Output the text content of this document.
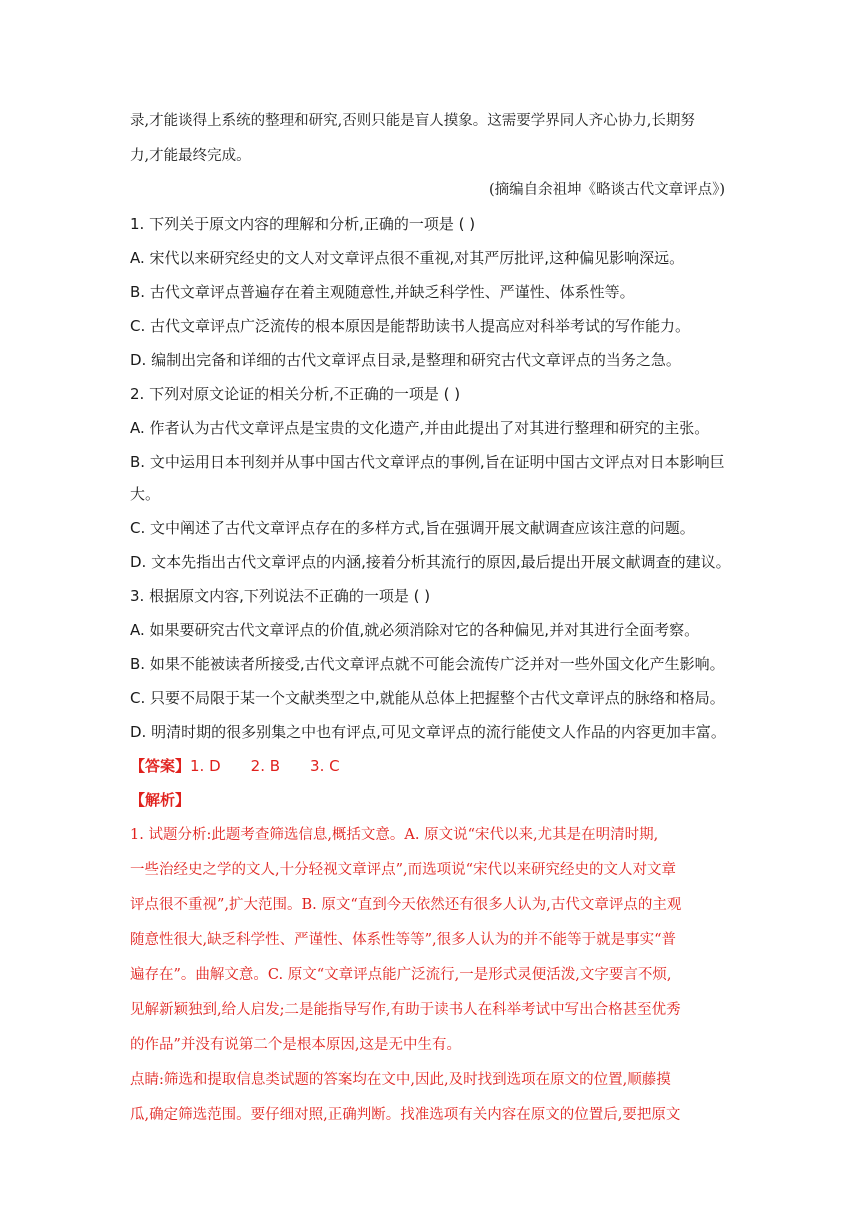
录,才能谈得上系统的整理和研究,否则只能是盲人摸象。这需要学界同人齐心协力,长期努
力,才能最终完成。
(摘编自余祖坤《略谈古代文章评点》)
1. 下列关于原文内容的理解和分析,正确的一项是 ( )
A. 宋代以来研究经史的文人对文章评点很不重视,对其严厉批评,这种偏见影响深远。
B. 古代文章评点普遍存在着主观随意性,并缺乏科学性、严谨性、体系性等。
C. 古代文章评点广泛流传的根本原因是能帮助读书人提高应对科举考试的写作能力。
D. 编制出完备和详细的古代文章评点目录,是整理和研究古代文章评点的当务之急。
2. 下列对原文论证的相关分析,不正确的一项是 ( )
A. 作者认为古代文章评点是宝贵的文化遗产,并由此提出了对其进行整理和研究的主张。
B. 文中运用日本刊刻并从事中国古代文章评点的事例,旨在证明中国古文评点对日本影响巨
大。
C. 文中阐述了古代文章评点存在的多样方式,旨在强调开展文献调查应该注意的问题。
D. 文本先指出古代文章评点的内涵,接着分析其流行的原因,最后提出开展文献调查的建议。
3. 根据原文内容,下列说法不正确的一项是 ( )
A. 如果要研究古代文章评点的价值,就必须消除对它的各种偏见,并对其进行全面考察。
B. 如果不能被读者所接受,古代文章评点就不可能会流传广泛并对一些外国文化产生影响。
C. 只要不局限于某一个文献类型之中,就能从总体上把握整个古代文章评点的脉络和格局。
D. 明清时期的很多别集之中也有评点,可见文章评点的流行能使文人作品的内容更加丰富。
【答案】1. D 2. B 3. C
【解析】
1. 试题分析:此题考查筛选信息,概括文意。A. 原文说“宋代以来,尤其是在明清时期,
一些治经史之学的文人,十分轻视文章评点”,而选项说“宋代以来研究经史的文人对文章
评点很不重视”,扩大范围。B. 原文“直到今天依然还有很多人认为,古代文章评点的主观
随意性很大,缺乏科学性、严谨性、体系性等等”,很多人认为的并不能等于就是事实“普
遍存在”。曲解文意。C. 原文“文章评点能广泛流行,一是形式灵便活泼,文字要言不烦,
见解新颖独到,给人启发;二是能指导写作,有助于读书人在科举考试中写出合格甚至优秀
的作品”并没有说第二个是根本原因,这是无中生有。
点睛:筛选和提取信息类试题的答案均在文中,因此,及时找到选项在原文的位置,顺藤摸
瓜,确定筛选范围。要仔细对照,正确判断。找准选项有关内容在原文的位置后,要把原文
